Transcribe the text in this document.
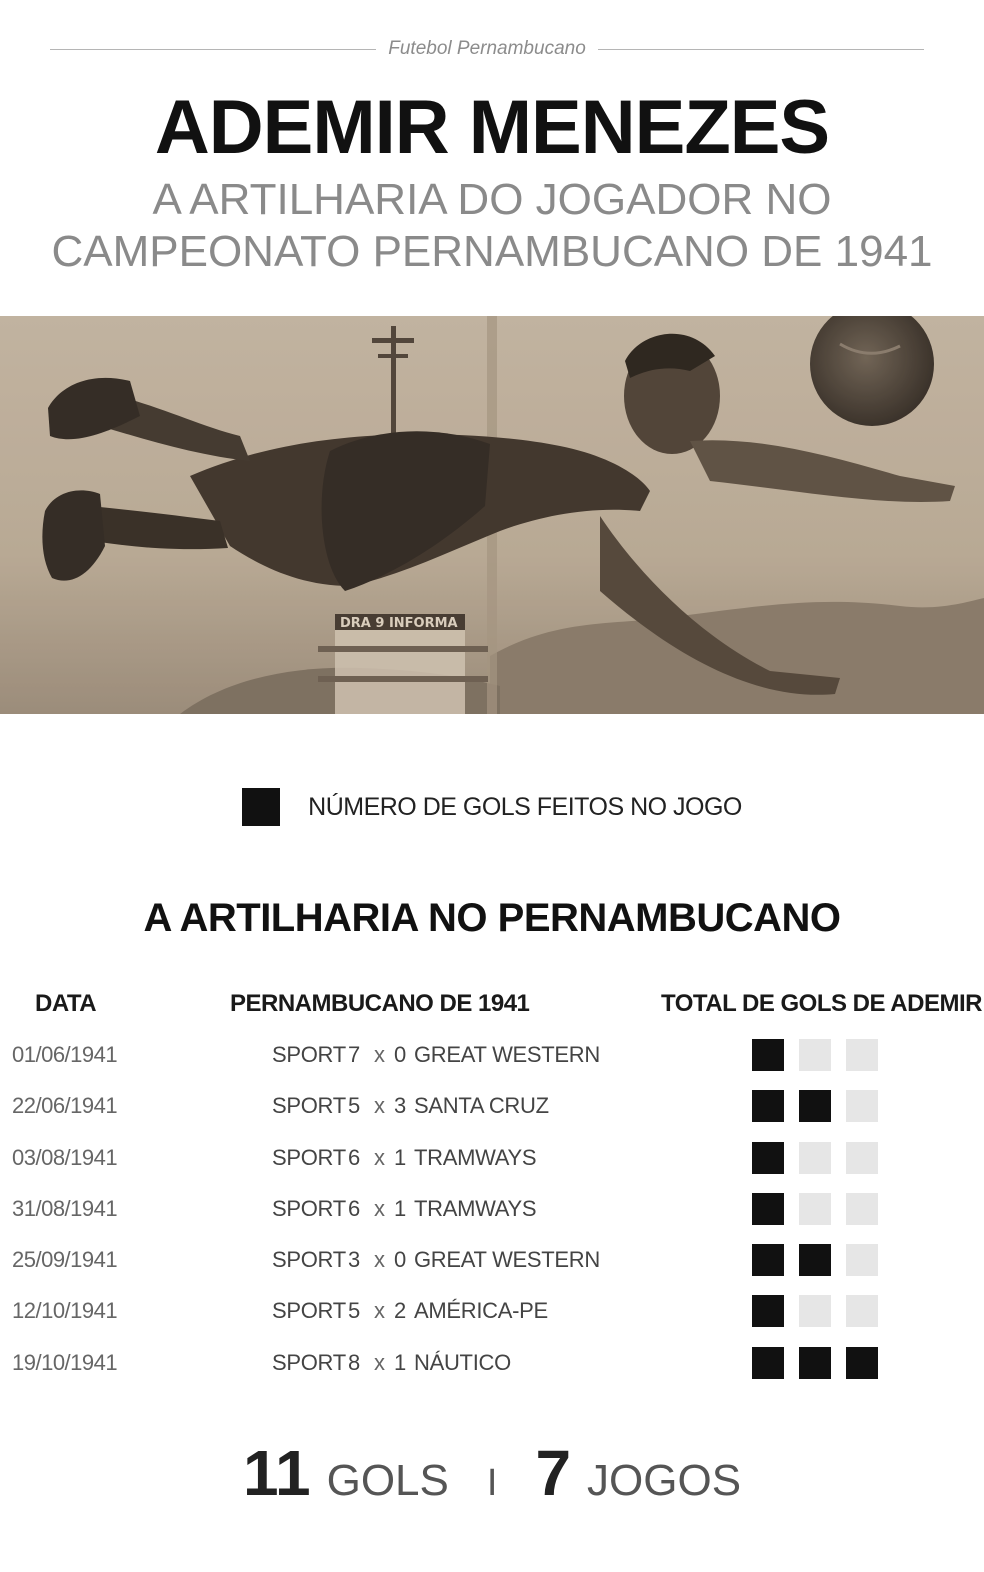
Futebol Pernambucano
ADEMIR MENEZES
A ARTILHARIA DO JOGADOR NO
CAMPEONATO PERNAMBUCANO DE 1941
DRA 9 INFORMA
NÚMERO DE GOLS FEITOS NO JOGO
A ARTILHARIA NO PERNAMBUCANO
DATA	PERNAMBUCANO DE 1941	TOTAL DE GOLS DE ADEMIR
01/06/1941	SPORT7 x 0 GREAT WESTERN
22/06/1941	SPORT5 x 3 SANTA CRUZ
03/08/1941	SPORT6 x 1 TRAMWAYS
31/08/1941	SPORT6 x 1 TRAMWAYS
25/09/1941	SPORT3 x 0 GREAT WESTERN
12/10/1941	SPORT5 x 2 AMÉRICA-PE
19/10/1941	SPORT8 x 1 NÁUTICO
11 GOLS I 7 JOGOS
